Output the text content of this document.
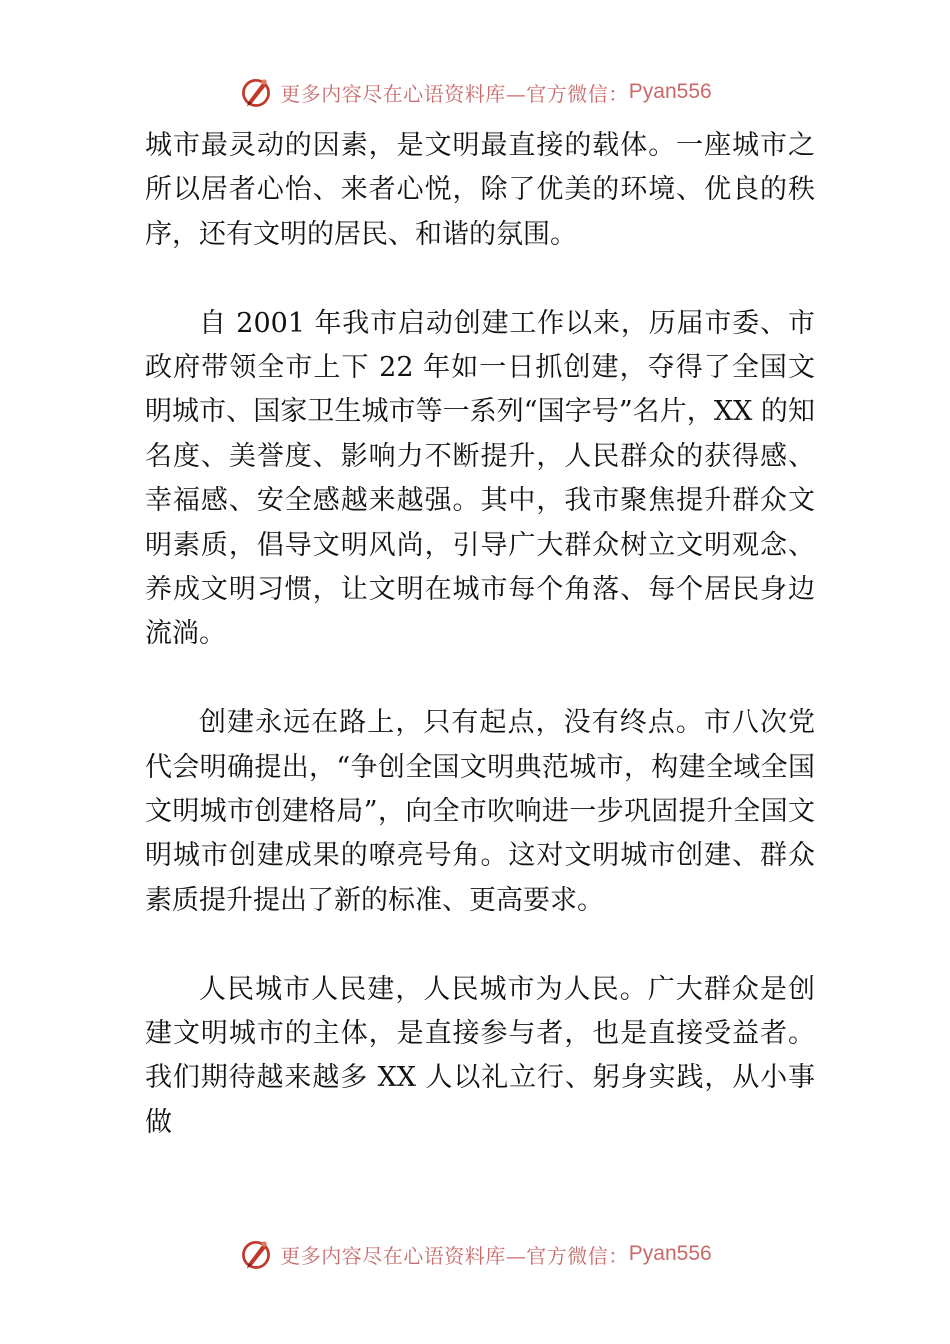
更多内容尽在心语资料库—官方微信： Pyan556

城市最灵动的因素，是文明最直接的载体。一座城市之所以居者心怡、来者心悦，除了优美的环境、优良的秩序，还有文明的居民、和谐的氛围。

自 2001 年我市启动创建工作以来，历届市委、市政府带领全市上下 22 年如一日抓创建，夺得了全国文明城市、国家卫生城市等一系列“国字号”名片，XX 的知名度、美誉度、影响力不断提升，人民群众的获得感、幸福感、安全感越来越强。其中，我市聚焦提升群众文明素质，倡导文明风尚，引导广大群众树立文明观念、养成文明习惯，让文明在城市每个角落、每个居民身边流淌。

创建永远在路上，只有起点，没有终点。市八次党代会明确提出，“争创全国文明典范城市，构建全域全国文明城市创建格局”，向全市吹响进一步巩固提升全国文明城市创建成果的嘹亮号角。这对文明城市创建、群众素质提升提出了新的标准、更高要求。

人民城市人民建，人民城市为人民。广大群众是创建文明城市的主体，是直接参与者，也是直接受益者。我们期待越来越多 XX 人以礼立行、躬身实践，从小事做

更多内容尽在心语资料库—官方微信： Pyan556
